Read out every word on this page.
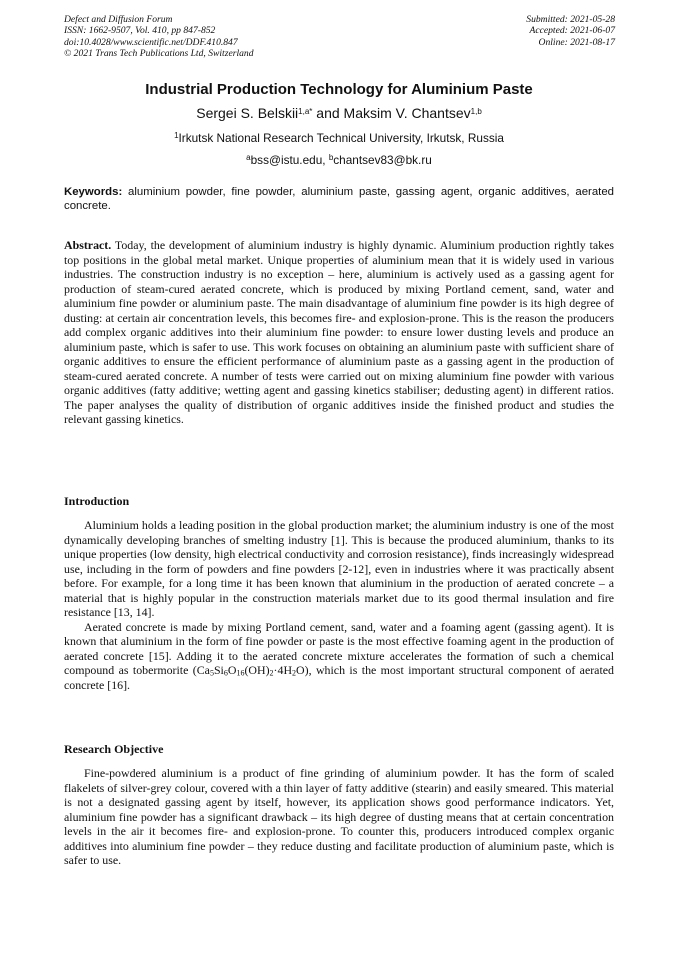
Defect and Diffusion Forum
ISSN: 1662-9507, Vol. 410, pp 847-852
doi:10.4028/www.scientific.net/DDF.410.847
© 2021 Trans Tech Publications Ltd, Switzerland
Submitted: 2021-05-28
Accepted: 2021-06-07
Online: 2021-08-17
Industrial Production Technology for Aluminium Paste
Sergei S. Belskii$^{1,a*}$ and Maksim V. Chantsev$^{1,b}$
$^1$Irkutsk National Research Technical University, Irkutsk, Russia
$^a$bss@istu.edu, $^b$chantsev83@bk.ru
Keywords: aluminium powder, fine powder, aluminium paste, gassing agent, organic additives, aerated concrete.
Abstract. Today, the development of aluminium industry is highly dynamic. Aluminium production rightly takes top positions in the global metal market. Unique properties of aluminium mean that it is widely used in various industries. The construction industry is no exception – here, aluminium is actively used as a gassing agent for production of steam-cured aerated concrete, which is produced by mixing Portland cement, sand, water and aluminium fine powder or aluminium paste. The main disadvantage of aluminium fine powder is its high degree of dusting: at certain air concentration levels, this becomes fire- and explosion-prone. This is the reason the producers add complex organic additives into their aluminium fine powder: to ensure lower dusting levels and produce an aluminium paste, which is safer to use. This work focuses on obtaining an aluminium paste with sufficient share of organic additives to ensure the efficient performance of aluminium paste as a gassing agent in the production of steam-cured aerated concrete. A number of tests were carried out on mixing aluminium fine powder with various organic additives (fatty additive; wetting agent and gassing kinetics stabiliser; dedusting agent) in different ratios. The paper analyses the quality of distribution of organic additives inside the finished product and studies the relevant gassing kinetics.
Introduction

Aluminium holds a leading position in the global production market; the aluminium industry is one of the most dynamically developing branches of smelting industry [1]. This is because the produced aluminium, thanks to its unique properties (low density, high electrical conductivity and corrosion resistance), finds increasingly widespread use, including in the form of powders and fine powders [2-12], even in industries where it was practically absent before. For example, for a long time it has been known that aluminium in the production of aerated concrete – a material that is highly popular in the construction materials market due to its good thermal insulation and fire resistance [13, 14].

Aerated concrete is made by mixing Portland cement, sand, water and a foaming agent (gassing agent). It is known that aluminium in the form of fine powder or paste is the most effective foaming agent in the production of aerated concrete [15]. Adding it to the aerated concrete mixture accelerates the formation of such a chemical compound as tobermorite $(Ca_5Si_6O_{16}(OH)_2\cdot 4H_2O)$, which is the most important structural component of aerated concrete [16].

Research Objective

Fine-powdered aluminium is a product of fine grinding of aluminium powder. It has the form of scaled flakelets of silver-grey colour, covered with a thin layer of fatty additive (stearin) and easily smeared. This material is not a designated gassing agent by itself, however, its application shows good performance indicators. Yet, aluminium fine powder has a significant drawback – its high degree of dusting means that at certain concentration levels in the air it becomes fire- and explosion-prone. To counter this, producers introduced complex organic additives into aluminium fine powder – they reduce dusting and facilitate production of aluminium paste, which is safer to use.
